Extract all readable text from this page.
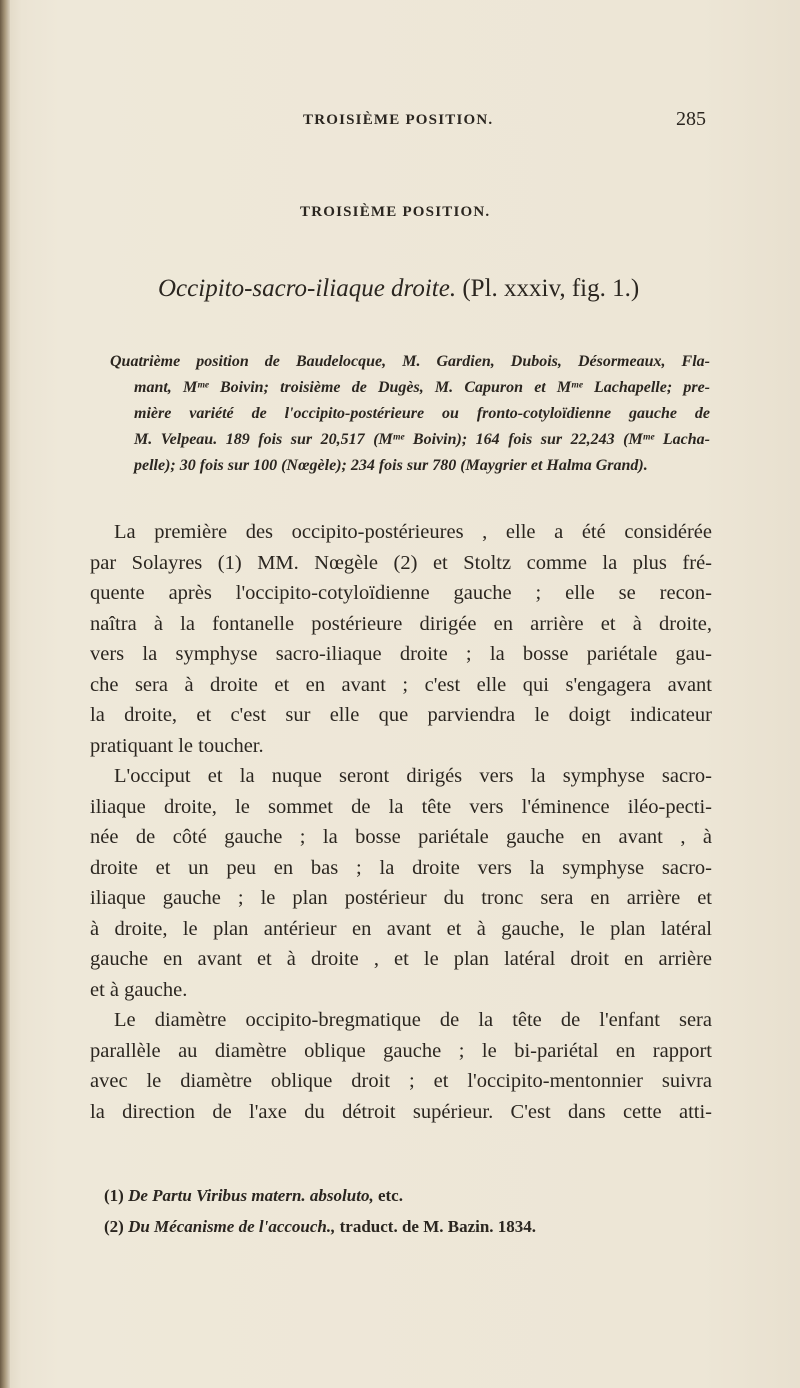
TROISIÈME POSITION.	285
TROISIÈME POSITION.
Occipito-sacro-iliaque droite. (Pl. xxxiv, fig. 1.)
Quatrième position de Baudelocque, M. Gardien, Dubois, Désormeaux, Fla-
mant, Mᵐᵉ Boivin; troisième de Dugès, M. Capuron et Mᵐᵉ Lachapelle; pre-
mière variété de l'occipito-postérieure ou fronto-cotyloïdienne gauche de
M. Velpeau. 189 fois sur 20,517 (Mᵐᵉ Boivin); 164 fois sur 22,243 (Mᵐᵉ Lacha-
pelle); 30 fois sur 100 (Nœgèle); 234 fois sur 780 (Maygrier et Halma Grand).
La première des occipito-postérieures , elle a été considérée
par Solayres (1) MM. Nœgèle (2) et Stoltz comme la plus fré-
quente après l'occipito-cotyloïdienne gauche ; elle se recon-
naîtra à la fontanelle postérieure dirigée en arrière et à droite,
vers la symphyse sacro-iliaque droite ; la bosse pariétale gau-
che sera à droite et en avant ; c'est elle qui s'engagera avant
la droite, et c'est sur elle que parviendra le doigt indicateur
pratiquant le toucher.
L'occiput et la nuque seront dirigés vers la symphyse sacro-
iliaque droite, le sommet de la tête vers l'éminence iléo-pecti-
née de côté gauche ; la bosse pariétale gauche en avant , à
droite et un peu en bas ; la droite vers la symphyse sacro-
iliaque gauche ; le plan postérieur du tronc sera en arrière et
à droite, le plan antérieur en avant et à gauche, le plan latéral
gauche en avant et à droite , et le plan latéral droit en arrière
et à gauche.
Le diamètre occipito-bregmatique de la tête de l'enfant sera
parallèle au diamètre oblique gauche ; le bi-pariétal en rapport
avec le diamètre oblique droit ; et l'occipito-mentonnier suivra
la direction de l'axe du détroit supérieur. C'est dans cette atti-
(1) De Partu Viribus matern. absoluto, etc.
(2) Du Mécanisme de l'accouch., traduct. de M. Bazin. 1834.
